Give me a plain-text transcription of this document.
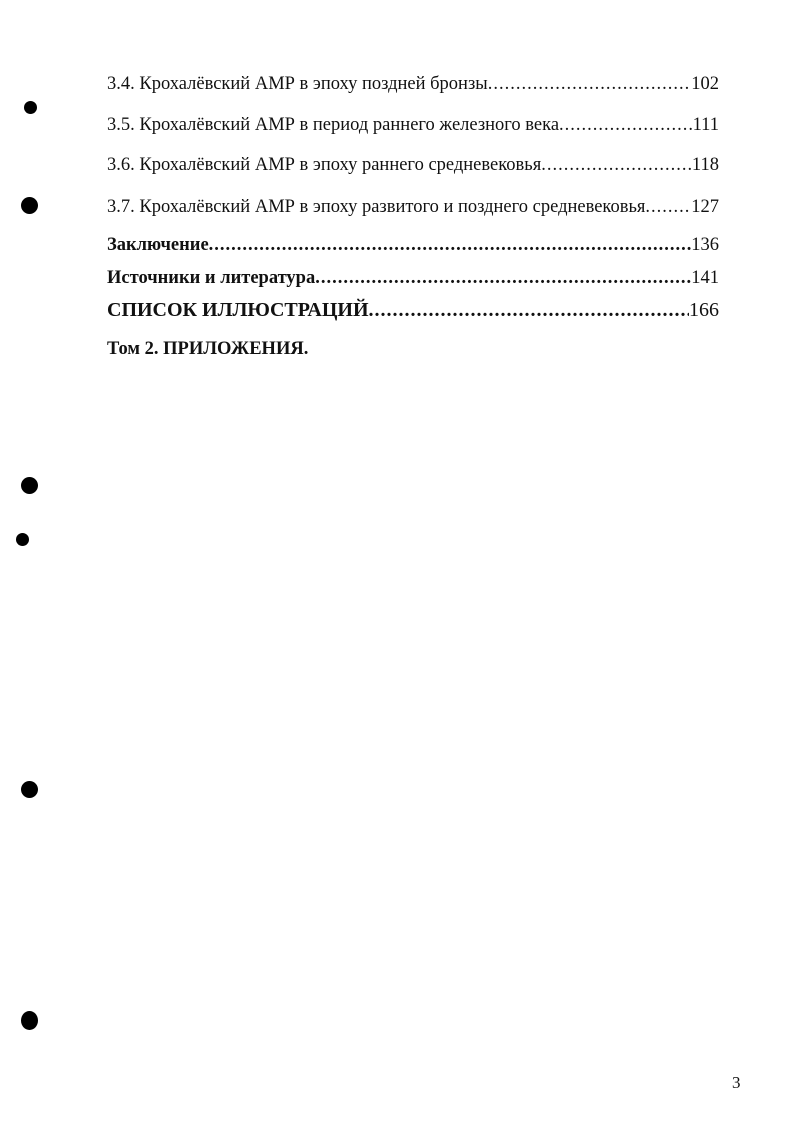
3.4. Крохалёвский АМР в эпоху поздней бронзы .....	102
3.5. Крохалёвский АМР в период раннего железного века .....	111
3.6. Крохалёвский АМР в эпоху раннего средневековья .....	118
3.7. Крохалёвский АМР в эпоху развитого и позднего средневековья ..... 127
Заключение .....	136
Источники и литература .....	141
СПИСОК ИЛЛЮСТРАЦИЙ .....	166
Том 2. ПРИЛОЖЕНИЯ.
3
